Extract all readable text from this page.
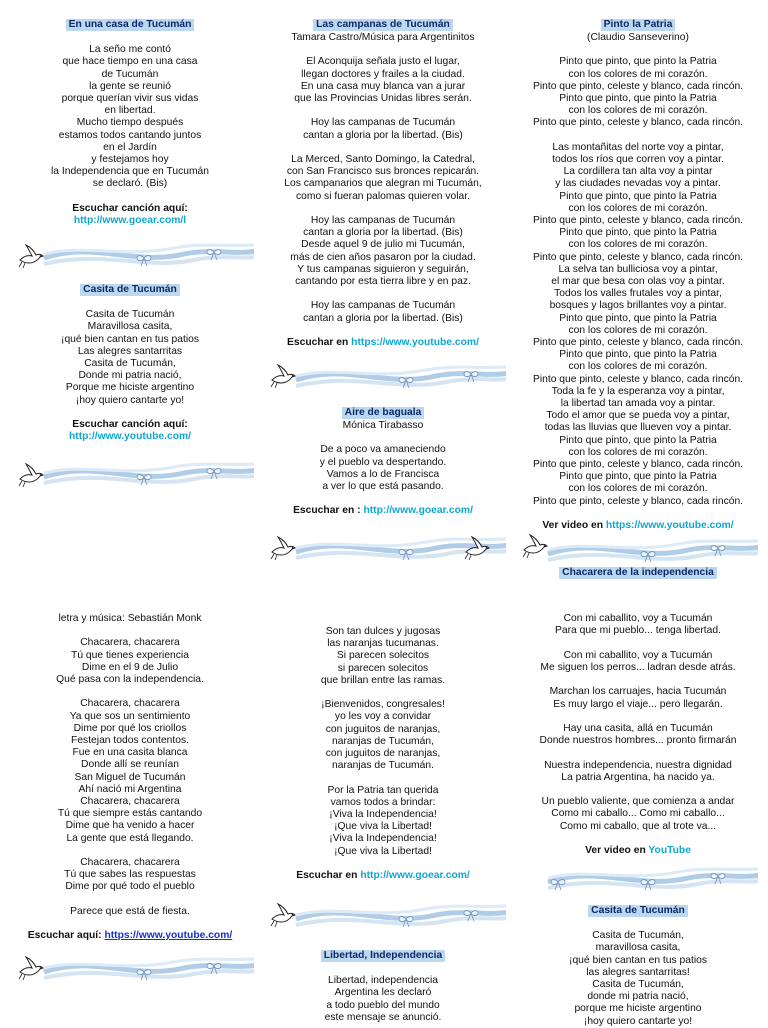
En una casa de Tucumán
La seño me contó
que hace tiempo en una casa
de Tucumán
la gente se reunió
porque querían vivir sus vidas
en libertad.
Mucho tiempo después
estamos todos cantando juntos
en el Jardín
y festejamos hoy
la Independencia que en Tucumán
se declaró. (Bis)
Escuchar canción aquí:
http://www.goear.com/l
Casita de Tucumán
Casita de Tucumán
Maravillosa casita,
¡qué bien cantan en tus patios
Las alegres santarritas
Casita de Tucumán,
Donde mi patria nació,
Porque me hiciste argentino
¡hoy quiero cantarte yo!
Escuchar canción aquí:
http://www.youtube.com/
Las campanas de Tucumán
Tamara Castro/Música para Argentinitos
El Aconquija señala justo el lugar,
llegan doctores y frailes a la ciudad.
En una casa muy blanca van a jurar
que las Provincias Unidas libres serán.
Hoy las campanas de Tucumán
cantan a gloria por la libertad. (Bis)
La Merced, Santo Domingo, la Catedral,
con San Francisco sus bronces repicarán.
Los campanarios que alegran mi Tucumán,
como si fueran palomas quieren volar.
Hoy las campanas de Tucumán
cantan a gloria por la libertad. (Bis)
Desde aquel 9 de julio mi Tucumán,
más de cien años pasaron por la ciudad.
Y tus campanas siguieron y seguirán,
cantando por esta tierra libre y en paz.
Hoy las campanas de Tucumán
cantan a gloria por la libertad. (Bis)
Escuchar en https://www.youtube.com/
Aire de baguala
Mónica Tirabasso
De a poco va amaneciendo
y el pueblo va despertando.
Vamos a lo de Francisca
a ver lo que está pasando.
Escuchar en : http://www.goear.com/
Pinto la Patria
(Claudio Sanseverino)
Pinto que pinto, que pinto la Patria
con los colores de mi corazón.
Pinto que pinto, celeste y blanco, cada rincón.
Pinto que pinto, que pinto la Patria
con los colores de mi corazón.
Pinto que pinto, celeste y blanco, cada rincón.
Las montañitas del norte voy a pintar,
todos los ríos que corren voy a pintar.
La cordillera tan alta voy a pintar
y las ciudades nevadas voy a pintar.
Pinto que pinto, que pinto la Patria
con los colores de mi corazón.
Pinto que pinto, celeste y blanco, cada rincón.
Pinto que pinto, que pinto la Patria
con los colores de mi corazón.
Pinto que pinto, celeste y blanco, cada rincón.
La selva tan bulliciosa voy a pintar,
el mar que besa con olas voy a pintar.
Todos los valles frutales voy a pintar,
bosques y lagos brillantes voy a pintar.
Pinto que pinto, que pinto la Patria
con los colores de mi corazón.
Pinto que pinto, celeste y blanco, cada rincón.
Pinto que pinto, que pinto la Patria
con los colores de mi corazón.
Pinto que pinto, celeste y blanco, cada rincón.
Toda la fe y la esperanza voy a pintar,
la libertad tan amada voy a pintar.
Todo el amor que se pueda voy a pintar,
todas las lluvias que llueven voy a pintar.
Pinto que pinto, que pinto la Patria
con los colores de mi corazón.
Pinto que pinto, celeste y blanco, cada rincón.
Pinto que pinto, que pinto la Patria
con los colores de mi corazón.
Pinto que pinto, celeste y blanco, cada rincón.
Ver video en https://www.youtube.com/
Chacarera de la independencia
letra y música: Sebastián Monk
Chacarera, chacarera
Tú que tienes experiencia
Dime en el 9 de Julio
Qué pasa con la independencia.
Chacarera, chacarera
Ya que sos un sentimiento
Dime por qué los criollos
Festejan todos contentos.
Fue en una casita blanca
Donde allí se reunían
San Miguel de Tucumán
Ahí nació mi Argentina
Chacarera, chacarera
Tú que siempre estás cantando
Dime que ha venido a hacer
La gente que está llegando.
Chacarera, chacarera
Tú que sabes las respuestas
Dime por qué todo el pueblo
Parece que está de fiesta.
Escuchar aquí: https://www.youtube.com/
Son tan dulces y jugosas
las naranjas tucumanas.
Si parecen solecitos
si parecen solecitos
que brillan entre las ramas.
¡Bienvenidos, congresales!
yo les voy a convidar
con juguitos de naranjas,
naranjas de Tucumán,
con juguitos de naranjas,
naranjas de Tucumán.
Por la Patria tan querida
vamos todos a brindar:
¡Viva la Independencia!
¡Que viva la Libertad!
¡Viva la Independencia!
¡Que viva la Libertad!
Escuchar en http://www.goear.com/
Libertad, Independencia
Libertad, independencia
Argentina les declaró
a todo pueblo del mundo
este mensaje se anunció.
Con mi caballito, voy a Tucumán
Para que mi pueblo... tenga libertad.
Con mi caballito, voy a Tucumán
Me siguen los perros... ladran desde atrás.
Marchan los carruajes, hacia Tucumán
Es muy largo el viaje... pero llegarán.
Hay una casita, allá en Tucumán
Donde nuestros hombres... pronto firmarán
Nuestra independencia, nuestra dignidad
La patria Argentina, ha nacido ya.
Un pueblo valiente, que comienza a andar
Como mi caballo... Como mi caballo...
Como mi caballo, que al trote va...
Ver video en YouTube
Casita de Tucumán
Casita de Tucumán,
maravillosa casita,
¡qué bien cantan en tus patios
las alegres santarritas!
Casita de Tucumán,
donde mi patria nació,
porque me hiciste argentino
¡hoy quiero cantarte yo!
